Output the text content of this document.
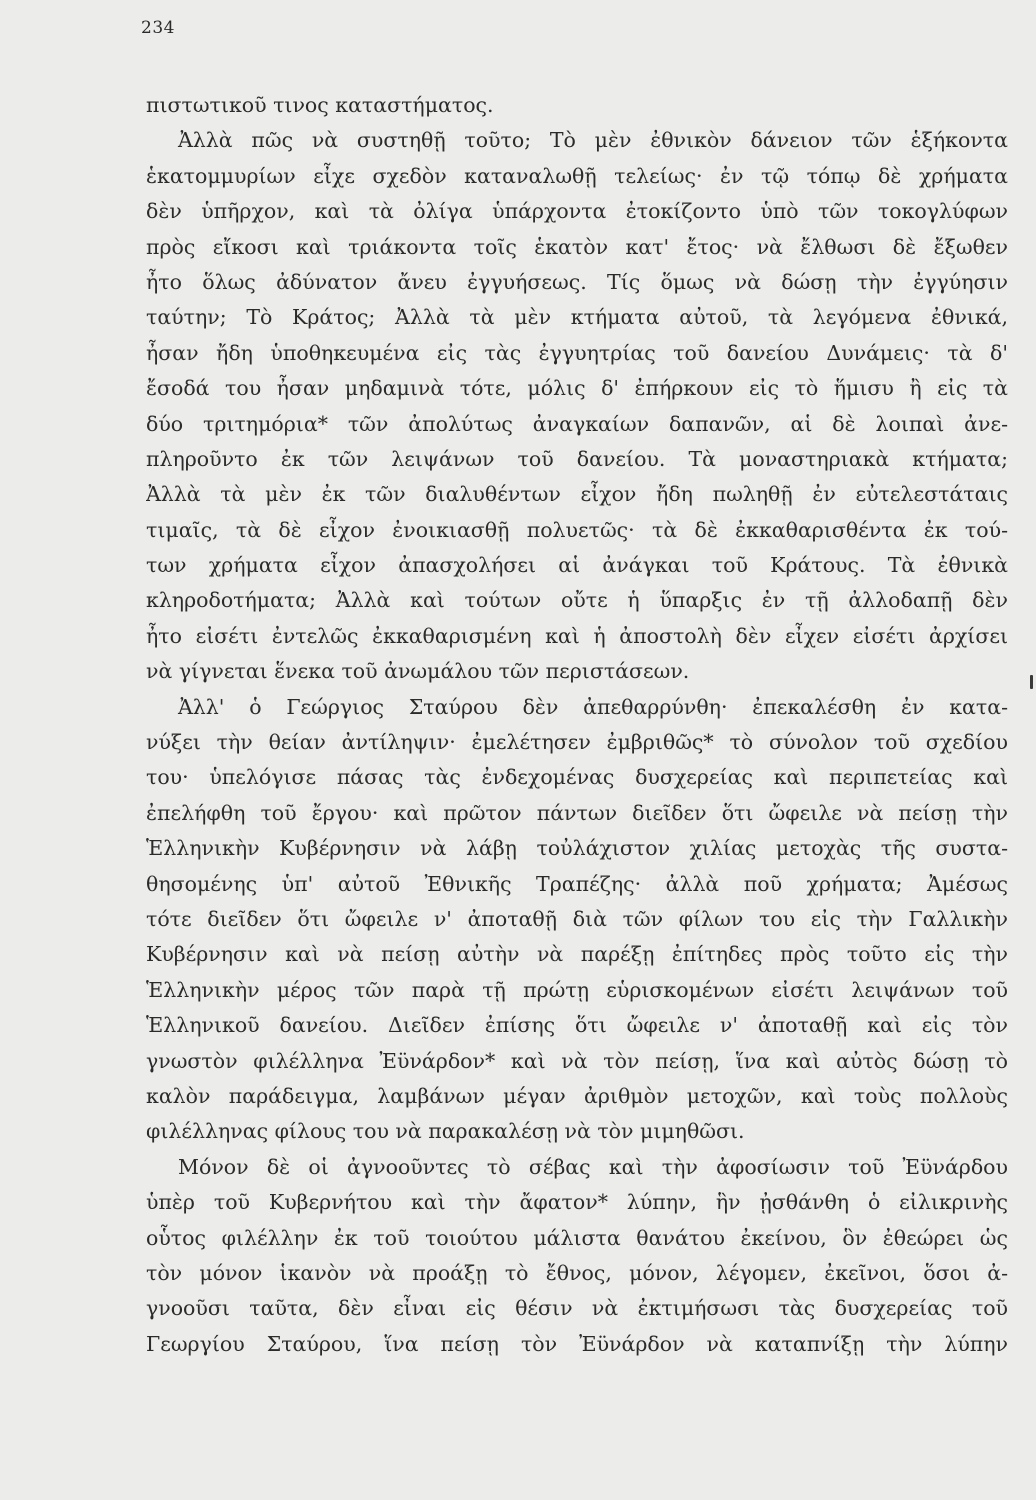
234
πιστωτικοῦ τινος καταστήματος.
Ἀλλὰ πῶς νὰ συστηθῇ τοῦτο; Τὸ μὲν ἐθνικὸν δάνειον τῶν ἑξήκοντα
ἑκατομμυρίων εἶχε σχεδὸν καταναλωθῇ τελείως· ἐν τῷ τόπῳ δὲ χρήματα
δὲν ὑπῆρχον, καὶ τὰ ὀλίγα ὑπάρχοντα ἐτοκίζοντο ὑπὸ τῶν τοκογλύφων
πρὸς εἴκοσι καὶ τριάκοντα τοῖς ἑκατὸν κατ' ἔτος· νὰ ἔλθωσι δὲ ἔξωθεν
ἦτο ὅλως ἀδύνατον ἄνευ ἐγγυήσεως. Τίς ὅμως νὰ δώσῃ τὴν ἐγγύησιν
ταύτην; Τὸ Κράτος; Ἀλλὰ τὰ μὲν κτήματα αὐτοῦ, τὰ λεγόμενα ἐθνικά,
ἦσαν ἤδη ὑποθηκευμένα εἰς τὰς ἐγγυητρίας τοῦ δανείου Δυνάμεις· τὰ δ'
ἔσοδά του ἦσαν μηδαμινὰ τότε, μόλις δ' ἐπήρκουν εἰς τὸ ἥμισυ ἢ εἰς τὰ
δύο τριτημόρια* τῶν ἀπολύτως ἀναγκαίων δαπανῶν, αἱ δὲ λοιπαὶ ἀνε-
πληροῦντο ἐκ τῶν λειψάνων τοῦ δανείου. Τὰ μοναστηριακὰ κτήματα;
Ἀλλὰ τὰ μὲν ἐκ τῶν διαλυθέντων εἶχον ἤδη πωληθῇ ἐν εὐτελεστάταις
τιμαῖς, τὰ δὲ εἶχον ἐνοικιασθῇ πολυετῶς· τὰ δὲ ἐκκαθαρισθέντα ἐκ τού-
των χρήματα εἶχον ἀπασχολήσει αἱ ἀνάγκαι τοῦ Κράτους. Τὰ ἐθνικὰ
κληροδοτήματα; Ἀλλὰ καὶ τούτων οὔτε ἡ ὕπαρξις ἐν τῇ ἀλλοδαπῇ δὲν
ἦτο εἰσέτι ἐντελῶς ἐκκαθαρισμένη καὶ ἡ ἀποστολὴ δὲν εἶχεν εἰσέτι ἀρχίσει
νὰ γίγνεται ἕνεκα τοῦ ἀνωμάλου τῶν περιστάσεων.
Ἀλλ' ὁ Γεώργιος Σταύρου δὲν ἀπεθαρρύνθη· ἐπεκαλέσθη ἐν κατα-
νύξει τὴν θείαν ἀντίληψιν· ἐμελέτησεν ἐμβριθῶς* τὸ σύνολον τοῦ σχεδίου
του· ὑπελόγισε πάσας τὰς ἐνδεχομένας δυσχερείας καὶ περιπετείας καὶ
ἐπελήφθη τοῦ ἔργου· καὶ πρῶτον πάντων διεῖδεν ὅτι ὤφειλε νὰ πείσῃ τὴν
Ἑλληνικὴν Κυβέρνησιν νὰ λάβῃ τοὐλάχιστον χιλίας μετοχὰς τῆς συστα-
θησομένης ὑπ' αὐτοῦ Ἐθνικῆς Τραπέζης· ἀλλὰ ποῦ χρήματα; Ἀμέσως
τότε διεῖδεν ὅτι ὤφειλε ν' ἀποταθῇ διὰ τῶν φίλων του εἰς τὴν Γαλλικὴν
Κυβέρνησιν καὶ νὰ πείσῃ αὐτὴν νὰ παρέξῃ ἐπίτηδες πρὸς τοῦτο εἰς τὴν
Ἑλληνικὴν μέρος τῶν παρὰ τῇ πρώτῃ εὑρισκομένων εἰσέτι λειψάνων τοῦ
Ἑλληνικοῦ δανείου. Διεῖδεν ἐπίσης ὅτι ὤφειλε ν' ἀποταθῇ καὶ εἰς τὸν
γνωστὸν φιλέλληνα Ἐϋνάρδον* καὶ νὰ τὸν πείσῃ, ἵνα καὶ αὐτὸς δώσῃ τὸ
καλὸν παράδειγμα, λαμβάνων μέγαν ἀριθμὸν μετοχῶν, καὶ τοὺς πολλοὺς
φιλέλληνας φίλους του νὰ παρακαλέσῃ νὰ τὸν μιμηθῶσι.
Μόνον δὲ οἱ ἀγνοοῦντες τὸ σέβας καὶ τὴν ἀφοσίωσιν τοῦ Ἐϋνάρδου
ὑπὲρ τοῦ Κυβερνήτου καὶ τὴν ἄφατον* λύπην, ἣν ᾐσθάνθη ὁ εἰλικρινὴς
οὗτος φιλέλλην ἐκ τοῦ τοιούτου μάλιστα θανάτου ἐκείνου, ὃν ἐθεώρει ὡς
τὸν μόνον ἱκανὸν νὰ προάξῃ τὸ ἔθνος, μόνον, λέγομεν, ἐκεῖνοι, ὅσοι ἀ-
γνοοῦσι ταῦτα, δὲν εἶναι εἰς θέσιν νὰ ἐκτιμήσωσι τὰς δυσχερείας τοῦ
Γεωργίου Σταύρου, ἵνα πείσῃ τὸν Ἐϋνάρδον νὰ καταπνίξῃ τὴν λύπην
